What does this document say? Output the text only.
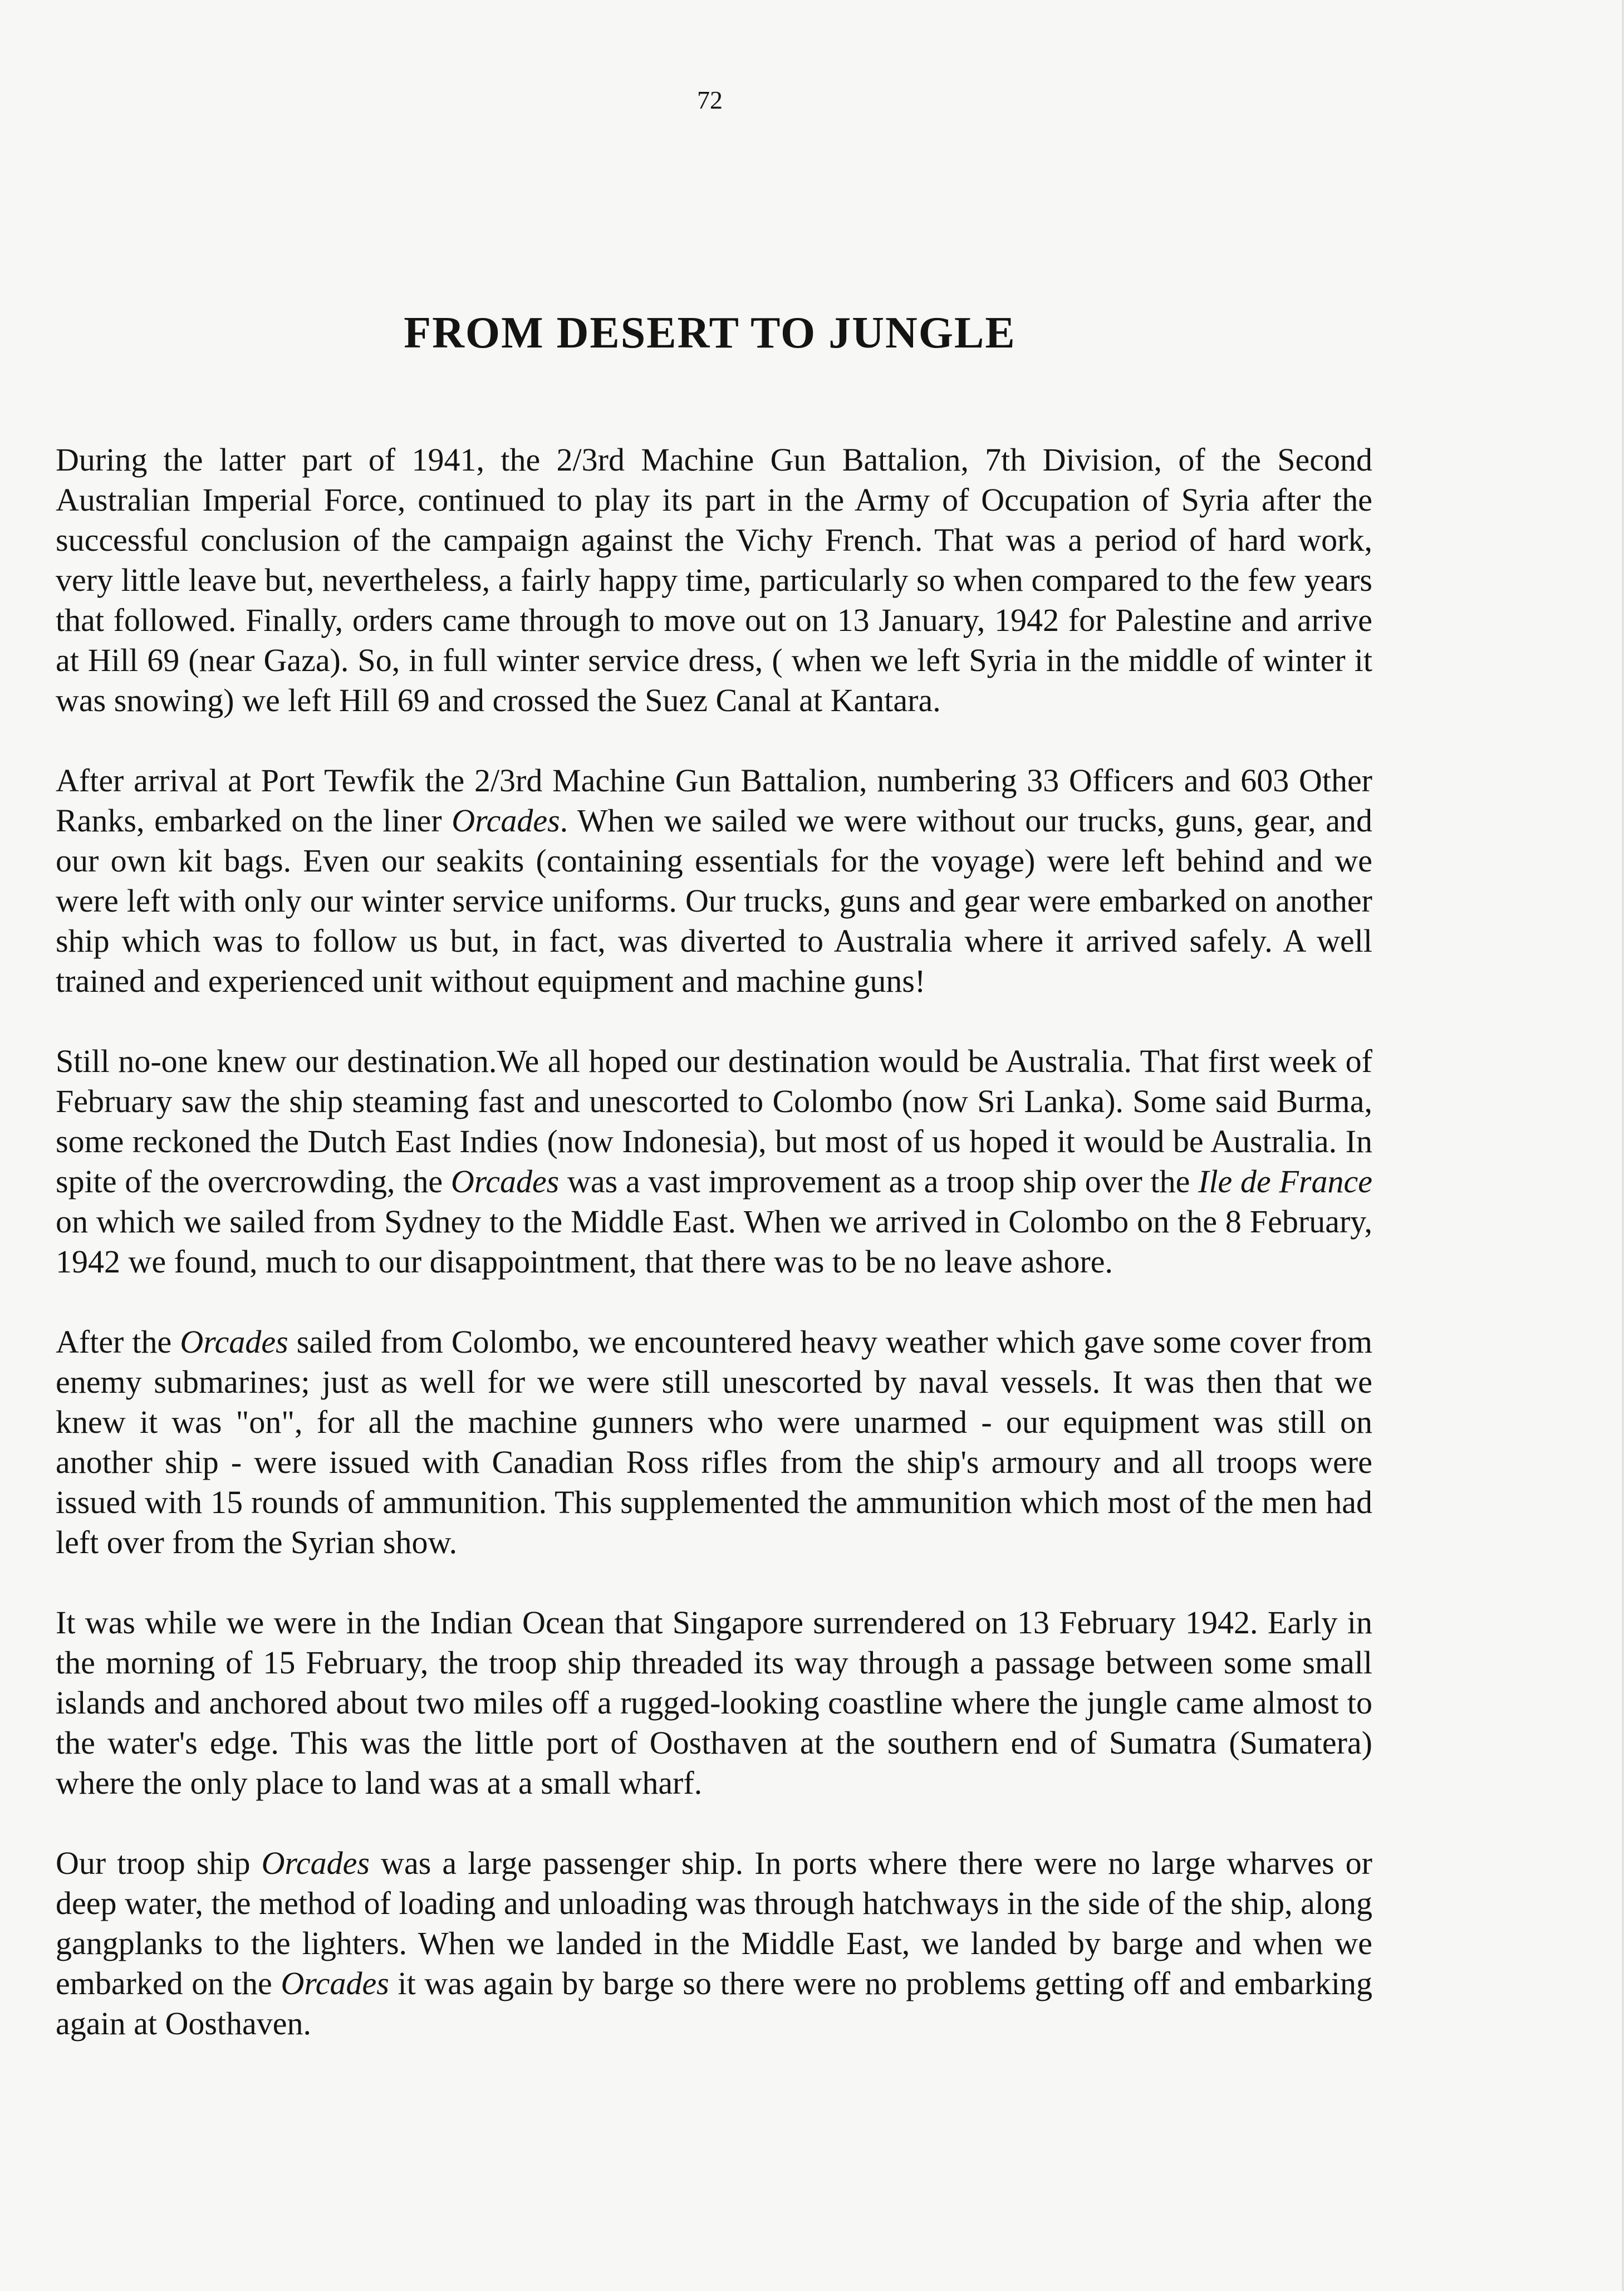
72
FROM DESERT TO JUNGLE

During the latter part of 1941, the 2/3rd Machine Gun Battalion, 7th Division, of the Second Australian Imperial Force, continued to play its part in the Army of Occupation of Syria after the successful conclusion of the campaign against the Vichy French. That was a period of hard work, very little leave but, nevertheless, a fairly happy time, particularly so when compared to the few years that followed. Finally, orders came through to move out on 13 January, 1942 for Palestine and arrive at Hill 69 (near Gaza). So, in full winter service dress, ( when we left Syria in the middle of winter it was snowing) we left Hill 69 and crossed the Suez Canal at Kantara.

After arrival at Port Tewfik the 2/3rd Machine Gun Battalion, numbering 33 Officers and 603 Other Ranks, embarked on the liner Orcades. When we sailed we were without our trucks, guns, gear, and our own kit bags. Even our seakits (containing essentials for the voyage) were left behind and we were left with only our winter service uniforms. Our trucks, guns and gear were embarked on another ship which was to follow us but, in fact, was diverted to Australia where it arrived safely. A well trained and experienced unit without equipment and machine guns!

Still no-one knew our destination.We all hoped our destination would be Australia. That first week of February saw the ship steaming fast and unescorted to Colombo (now Sri Lanka). Some said Burma, some reckoned the Dutch East Indies (now Indonesia), but most of us hoped it would be Australia. In spite of the overcrowding, the Orcades was a vast improvement as a troop ship over the Ile de France on which we sailed from Sydney to the Middle East. When we arrived in Colombo on the 8 February, 1942 we found, much to our disappointment, that there was to be no leave ashore.

After the Orcades sailed from Colombo, we encountered heavy weather which gave some cover from enemy submarines; just as well for we were still unescorted by naval vessels. It was then that we knew it was "on", for all the machine gunners who were unarmed - our equipment was still on another ship - were issued with Canadian Ross rifles from the ship's armoury and all troops were issued with 15 rounds of ammunition. This supplemented the ammunition which most of the men had left over from the Syrian show.

It was while we were in the Indian Ocean that Singapore surrendered on 13 February 1942. Early in the morning of 15 February, the troop ship threaded its way through a passage between some small islands and anchored about two miles off a rugged-looking coastline where the jungle came almost to the water's edge. This was the little port of Oosthaven at the southern end of Sumatra (Sumatera) where the only place to land was at a small wharf.

Our troop ship Orcades was a large passenger ship. In ports where there were no large wharves or deep water, the method of loading and unloading was through hatchways in the side of the ship, along gangplanks to the lighters. When we landed in the Middle East, we landed by barge and when we embarked on the Orcades it was again by barge so there were no problems getting off and embarking again at Oosthaven.
